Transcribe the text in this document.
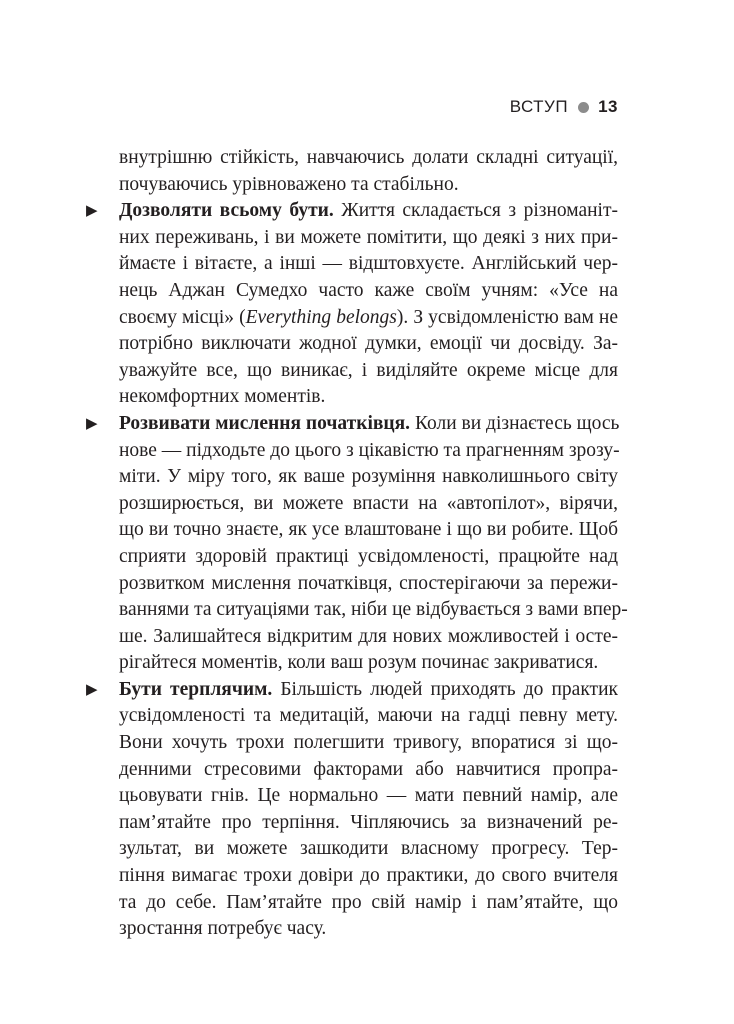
ВСТУП 13
внутрішню стійкість, навчаючись долати складні ситуації,
почуваючись урівноважено та стабільно.
▶ Дозволяти всьому бути. Життя складається з різноманіт-
них переживань, і ви можете помітити, що деякі з них при-
ймаєте і вітаєте, а інші — відштовхуєте. Англійський чер-
нець Аджан Сумедхо часто каже своїм учням: «Усе на
своєму місці» (Everything belongs). З усвідомленістю вам не
потрібно виключати жодної думки, емоції чи досвіду. За-
уважуйте все, що виникає, і виділяйте окреме місце для
некомфортних моментів.
▶ Розвивати мислення початківця. Коли ви дізнаєтесь щось
нове — підходьте до цього з цікавістю та прагненням зрозу-
міти. У міру того, як ваше розуміння навколишнього світу
розширюється, ви можете впасти на «автопілот», вірячи,
що ви точно знаєте, як усе влаштоване і що ви робите. Щоб
сприяти здоровій практиці усвідомленості, працюйте над
розвитком мислення початківця, спостерігаючи за пережи-
ваннями та ситуаціями так, ніби це відбувається з вами впер-
ше. Залишайтеся відкритим для нових можливостей і осте-
рігайтеся моментів, коли ваш розум починає закриватися.
▶ Бути терплячим. Більшість людей приходять до практик
усвідомленості та медитацій, маючи на гадці певну мету.
Вони хочуть трохи полегшити тривогу, впоратися зі що-
денними стресовими факторами або навчитися пропра-
цьовувати гнів. Це нормально — мати певний намір, але
пам’ятайте про терпіння. Чіпляючись за визначений ре-
зультат, ви можете зашкодити власному прогресу. Тер-
піння вимагає трохи довіри до практики, до свого вчителя
та до себе. Пам’ятайте про свій намір і пам’ятайте, що
зростання потребує часу.
